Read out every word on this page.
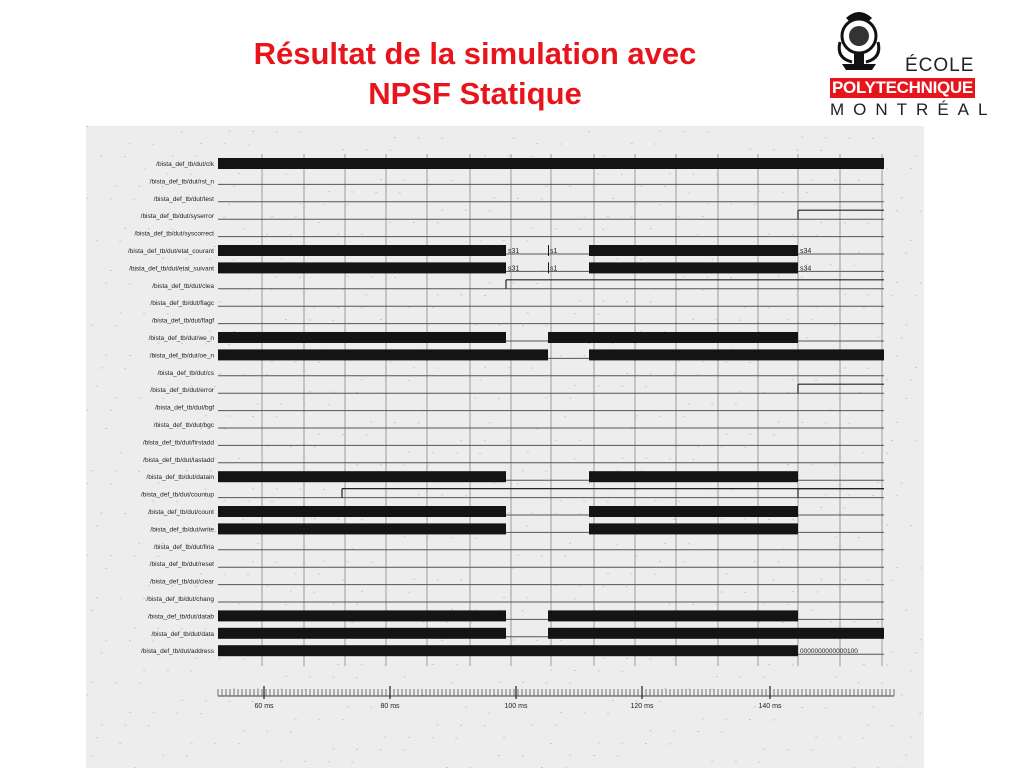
Résultat de la simulation avec
NPSF Statique
ÉCOLE
POLYTECHNIQUE
MONTRÉAL
/bista_def_tb/dut/clk
/bista_def_tb/dut/rst_n
/bista_def_tb/dut/test
/bista_def_tb/dut/syserror
/bista_def_tb/dut/syscorrect
/bista_def_tb/dut/etat_courant
/bista_def_tb/dut/etat_suivant
/bista_def_tb/dut/clea
/bista_def_tb/dut/flagc
/bista_def_tb/dut/flagf
/bista_def_tb/dut/we_n
/bista_def_tb/dut/oe_n
/bista_def_tb/dut/cs
/bista_def_tb/dut/error
/bista_def_tb/dut/bgf
/bista_def_tb/dut/bgc
/bista_def_tb/dut/firstadd
/bista_def_tb/dut/lastadd
/bista_def_tb/dut/datain
/bista_def_tb/dut/countup
/bista_def_tb/dut/count
/bista_def_tb/dut/write
/bista_def_tb/dut/fina
/bista_def_tb/dut/reset
/bista_def_tb/dut/clear
/bista_def_tb/dut/chang
/bista_def_tb/dut/datab
/bista_def_tb/dut/data
/bista_def_tb/dut/address
s31	s1	s34
s31	s1	s34
0000000000000100
60 ms	80 ms	100 ms	120 ms	140 ms
